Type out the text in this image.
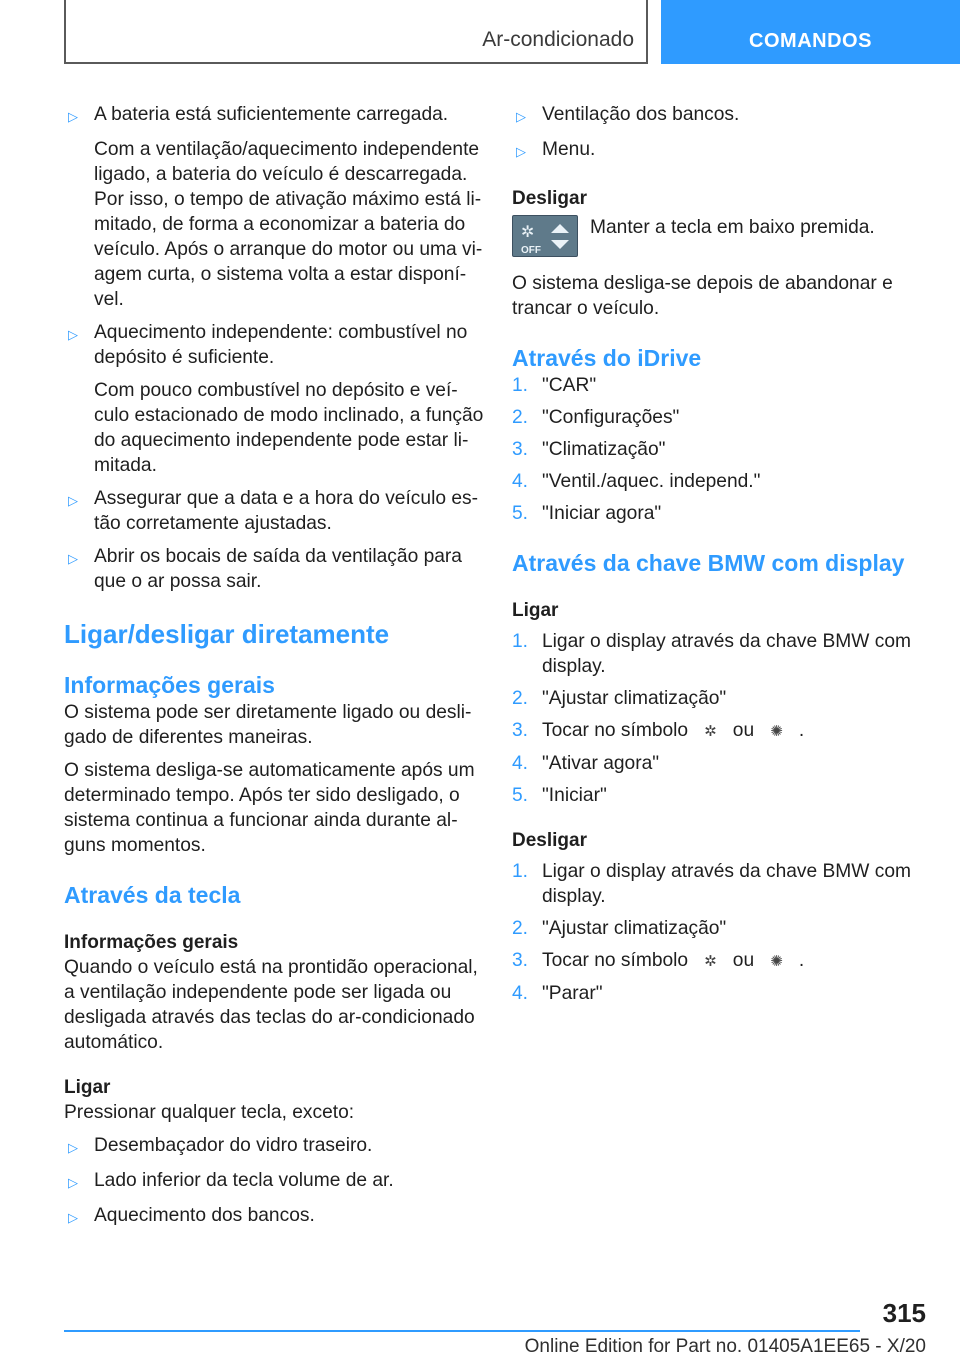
Ar-condicionado	COMANDOS
▷ A bateria está suficientemente carregada.

Com a ventilação/aquecimento independente ligado, a bateria do veículo é descarregada. Por isso, o tempo de ativação máximo está li-mitado, de forma a economizar a bateria do veículo. Após o arranque do motor ou uma vi-agem curta, o sistema volta a estar disponí-vel.

▷ Aquecimento independente: combustível no depósito é suficiente.

Com pouco combustível no depósito e veí-culo estacionado de modo inclinado, a função do aquecimento independente pode estar li-mitada.

▷ Assegurar que a data e a hora do veículo es-tão corretamente ajustadas.
▷ Abrir os bocais de saída da ventilação para que o ar possa sair.
Ligar/desligar diretamente
Informações gerais

O sistema pode ser diretamente ligado ou desli-gado de diferentes maneiras.

O sistema desliga-se automaticamente após um determinado tempo. Após ter sido desligado, o sistema continua a funcionar ainda durante al-guns momentos.

Através da tecla
Informações gerais

Quando o veículo está na prontidão operacional, a ventilação independente pode ser ligada ou desligada através das teclas do ar-condicionado automático.

Ligar

Pressionar qualquer tecla, exceto:

▷ Desembaçador do vidro traseiro.
▷ Lado inferior da tecla volume de ar.
▷ Aquecimento dos bancos.
▷ Ventilação dos bancos.
▷ Menu.
Desligar
✲
OFF
Manter a tecla em baixo premida.

O sistema desliga-se depois de abandonar e trancar o veículo.

Através do iDrive
1. "CAR"
2. "Configurações"
3. "Climatização"
4. "Ventil./aquec. independ."
5. "Iniciar agora"
Através da chave BMW com display
Ligar
1. Ligar o display através da chave BMW com display.
2. "Ajustar climatização"
3. Tocar no símbolo ✲ ou ✺ .
4. "Ativar agora"
5. "Iniciar"
Desligar
1. Ligar o display através da chave BMW com display.
2. "Ajustar climatização"
3. Tocar no símbolo ✲ ou ✺ .
4. "Parar"
315
Online Edition for Part no. 01405A1EE65 - X/20
